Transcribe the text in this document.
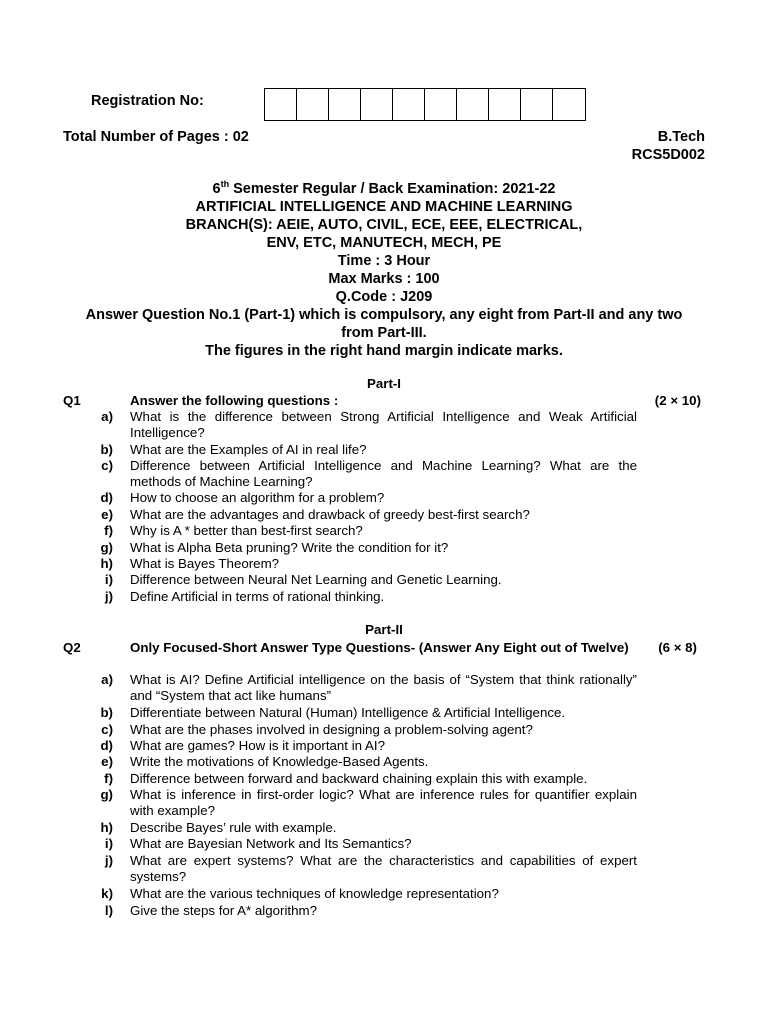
Registration No:
Total Number of Pages : 02	B.Tech
RCS5D002
6th Semester Regular / Back Examination: 2021-22
ARTIFICIAL INTELLIGENCE AND MACHINE LEARNING
BRANCH(S): AEIE, AUTO, CIVIL, ECE, EEE, ELECTRICAL,
ENV, ETC, MANUTECH, MECH, PE
Time : 3 Hour
Max Marks : 100
Q.Code : J209
Answer Question No.1 (Part-1) which is compulsory, any eight from Part-II and any two
from Part-III.
The figures in the right hand margin indicate marks.
Part-I
Q1	Answer the following questions :	(2 × 10)
a) What is the difference between Strong Artificial Intelligence and Weak Artificial Intelligence?
b) What are the Examples of AI in real life?
c) Difference between Artificial Intelligence and Machine Learning? What are the methods of Machine Learning?
d) How to choose an algorithm for a problem?
e) What are the advantages and drawback of greedy best-first search?
f) Why is A * better than best-first search?
g) What is Alpha Beta pruning? Write the condition for it?
h) What is Bayes Theorem?
i) Difference between Neural Net Learning and Genetic Learning.
j) Define Artificial in terms of rational thinking.
Part-II
Q2	Only Focused-Short Answer Type Questions- (Answer Any Eight out of Twelve)	(6 × 8)
a) What is AI? Define Artificial intelligence on the basis of “System that think rationally” and “System that act like humans”
b) Differentiate between Natural (Human) Intelligence & Artificial Intelligence.
c) What are the phases involved in designing a problem-solving agent?
d) What are games? How is it important in AI?
e) Write the motivations of Knowledge-Based Agents.
f) Difference between forward and backward chaining explain this with example.
g) What is inference in first-order logic? What are inference rules for quantifier explain with example?
h) Describe Bayes’ rule with example.
i) What are Bayesian Network and Its Semantics?
j) What are expert systems? What are the characteristics and capabilities of expert systems?
k) What are the various techniques of knowledge representation?
l) Give the steps for A* algorithm?
